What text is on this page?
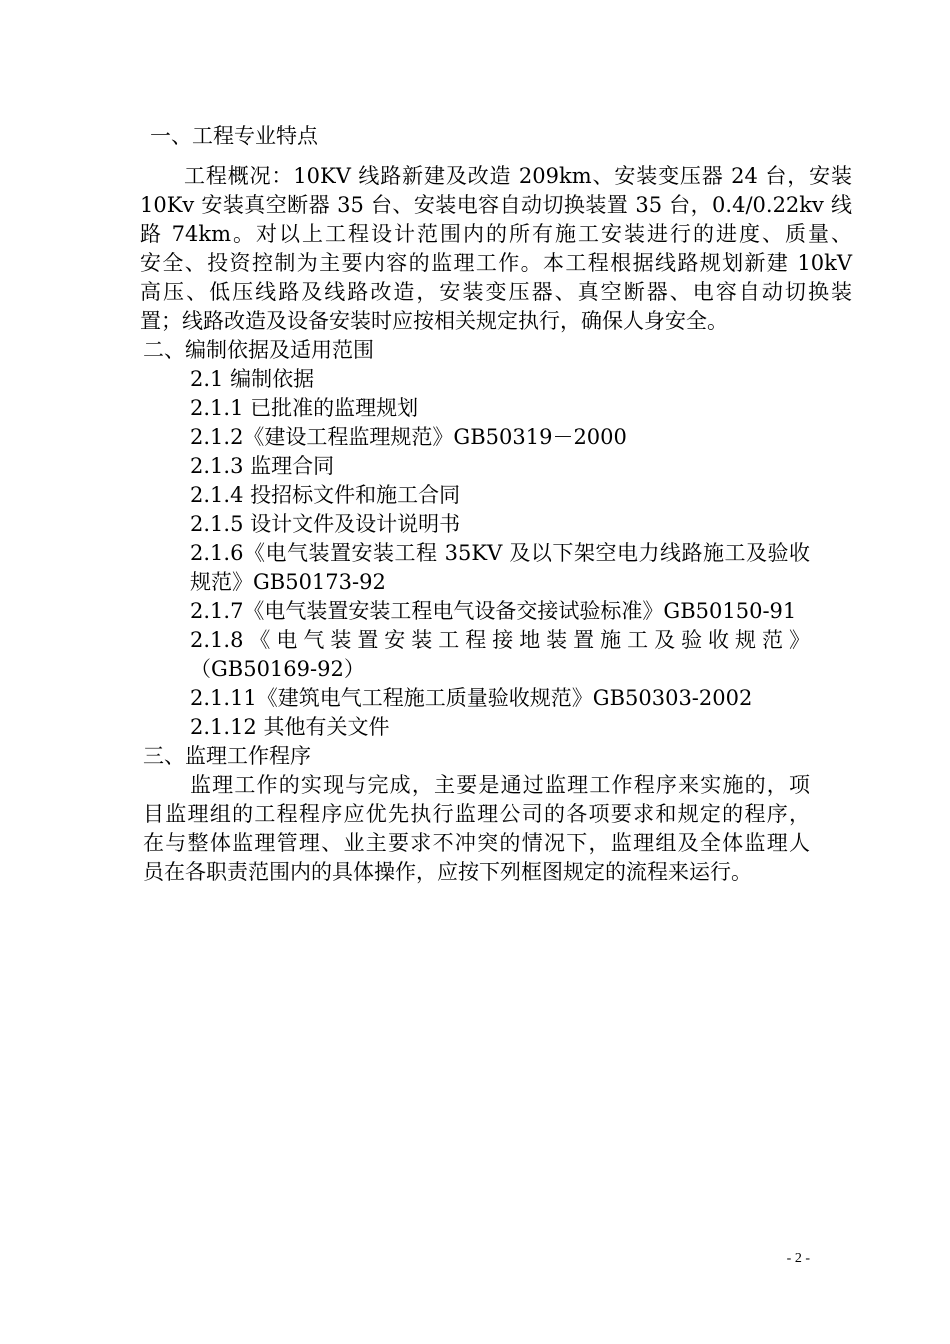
一、工程专业特点
工程概况：10KV 线路新建及改造 209km、安装变压器 24 台，安装
10Kv 安装真空断器 35 台、安装电容自动切换装置 35 台，0.4/0.22kv 线
路 74km。对以上工程设计范围内的所有施工安装进行的进度、质量、
安全、投资控制为主要内容的监理工作。本工程根据线路规划新建 10kV
高压、低压线路及线路改造，安装变压器、真空断器、电容自动切换装
置；线路改造及设备安装时应按相关规定执行，确保人身安全。
二、编制依据及适用范围
2.1 编制依据
2.1.1 已批准的监理规划
2.1.2《建设工程监理规范》GB50319－2000
2.1.3 监理合同
2.1.4 投招标文件和施工合同
2.1.5 设计文件及设计说明书
2.1.6《电气装置安装工程 35KV 及以下架空电力线路施工及验收
规范》GB50173-92
2.1.7《电气装置安装工程电气设备交接试验标准》GB50150-91
2.1.8《电气装置安装工程接地装置施工及验收规范》
（GB50169-92）
2.1.11《建筑电气工程施工质量验收规范》GB50303-2002
2.1.12 其他有关文件
三、监理工作程序
监理工作的实现与完成，主要是通过监理工作程序来实施的，项
目监理组的工程程序应优先执行监理公司的各项要求和规定的程序，
在与整体监理管理、业主要求不冲突的情况下，监理组及全体监理人
员在各职责范围内的具体操作，应按下列框图规定的流程来运行。
- 2 -
